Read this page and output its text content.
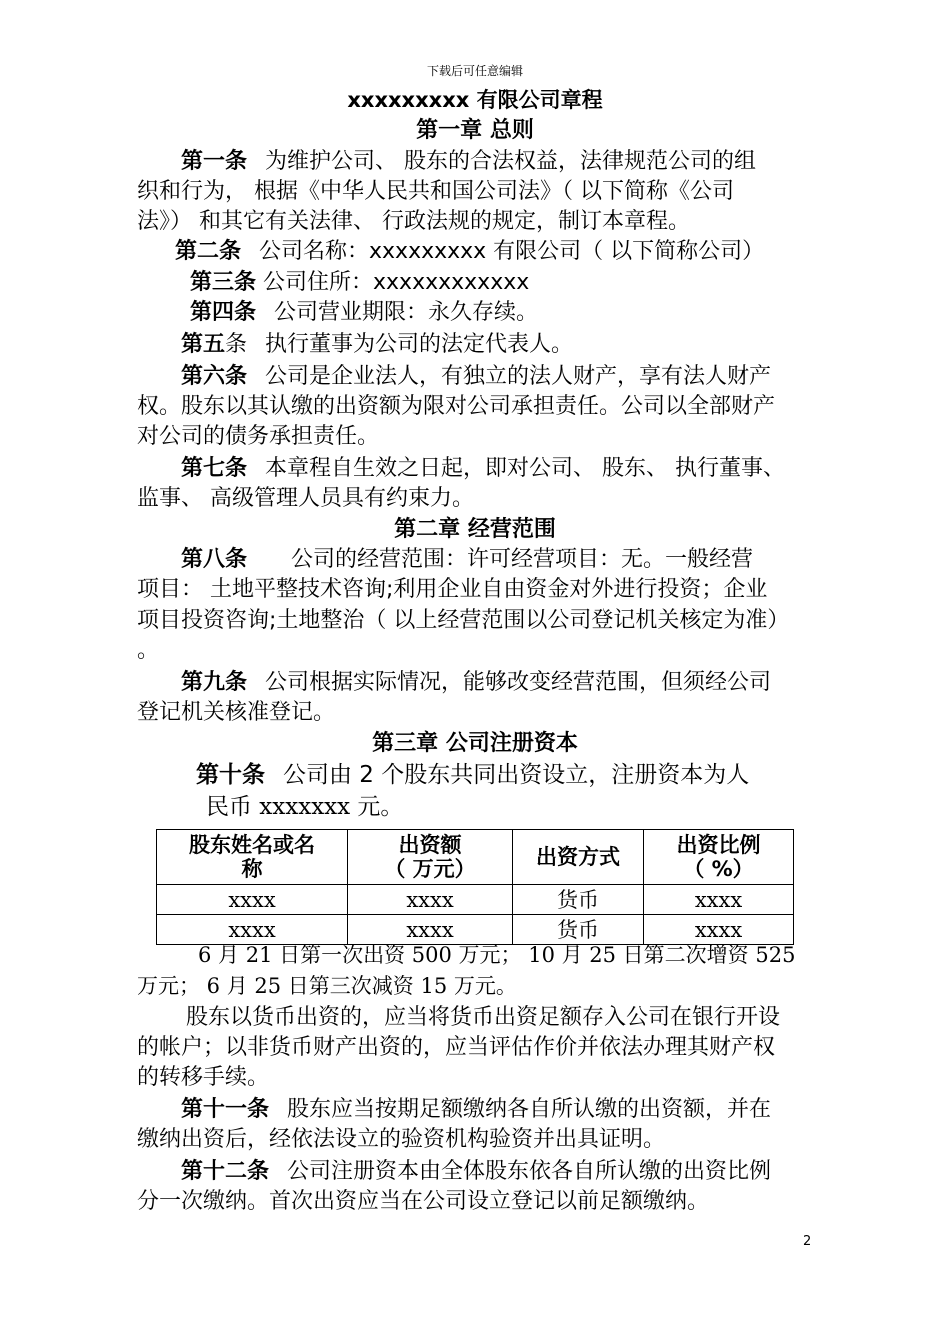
下载后可任意编辑
xxxxxxxxx 有限公司章程
第一章 总则
第一条 为维护公司、 股东的合法权益，法律规范公司的组
织和行为， 根据《中华人民共和国公司法》（ 以下简称《公司
法》） 和其它有关法律、 行政法规的规定，制订本章程。
第二条 公司名称：xxxxxxxxx 有限公司（ 以下简称公司）
第三条 公司住所：xxxxxxxxxxxx
第四条 公司营业期限：永久存续。
第五条 执行董事为公司的法定代表人。
第六条 公司是企业法人，有独立的法人财产，享有法人财产
权。股东以其认缴的出资额为限对公司承担责任。公司以全部财产
对公司的债务承担责任。
第七条 本章程自生效之日起，即对公司、 股东、 执行董事、
监事、 高级管理人员具有约束力。
第二章 经营范围
第八条 公司的经营范围：许可经营项目：无。一般经营
项目： 土地平整技术咨询;利用企业自由资金对外进行投资；企业
项目投资咨询;土地整治（ 以上经营范围以公司登记机关核定为准）
。
第九条 公司根据实际情况，能够改变经营范围，但须经公司
登记机关核准登记。
第三章 公司注册资本
第十条 公司由 2 个股东共同出资设立，注册资本为人
民币 xxxxxxx 元。
股东姓名或名
称	出资额
（ 万元）	出资方式	出资比例
（ %）
xxxx	xxxx	货币	xxxx
xxxx	xxxx	货币	xxxx
6 月 21 日第一次出资 500 万元； 10 月 25 日第二次增资 525
万元； 6 月 25 日第三次减资 15 万元。
股东以货币出资的，应当将货币出资足额存入公司在银行开设
的帐户；以非货币财产出资的，应当评估作价并依法办理其财产权
的转移手续。
第十一条 股东应当按期足额缴纳各自所认缴的出资额，并在
缴纳出资后，经依法设立的验资机构验资并出具证明。
第十二条 公司注册资本由全体股东依各自所认缴的出资比例
分一次缴纳。首次出资应当在公司设立登记以前足额缴纳。
2
